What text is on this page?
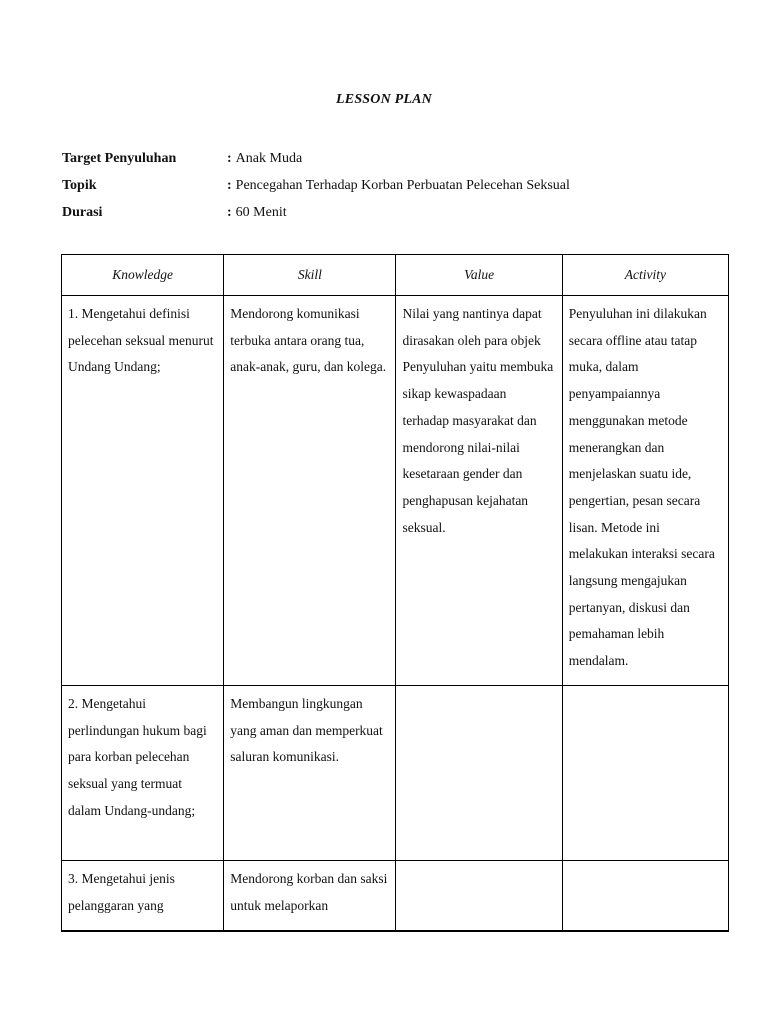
LESSON PLAN
Target Penyuluhan	: Anak Muda
Topik	: Pencegahan Terhadap Korban Perbuatan Pelecehan Seksual
Durasi	: 60 Menit
Knowledge	Skill	Value	Activity
1. Mengetahui definisi pelecehan seksual menurut Undang Undang;	Mendorong komunikasi terbuka antara orang tua, anak-anak, guru, dan kolega.	Nilai yang nantinya dapat dirasakan oleh para objek Penyuluhan yaitu membuka sikap kewaspadaan terhadap masyarakat dan mendorong nilai-nilai kesetaraan gender dan penghapusan kejahatan seksual.	Penyuluhan ini dilakukan secara offline atau tatap muka, dalam penyampaiannya menggunakan metode menerangkan dan menjelaskan suatu ide, pengertian, pesan secara lisan. Metode ini melakukan interaksi secara langsung mengajukan pertanyan, diskusi dan pemahaman lebih mendalam.
2. Mengetahui perlindungan hukum bagi para korban pelecehan seksual yang termuat dalam Undang-undang;	Membangun lingkungan yang aman dan memperkuat saluran komunikasi.		
3. Mengetahui jenis pelanggaran yang	Mendorong korban dan saksi untuk melaporkan		
